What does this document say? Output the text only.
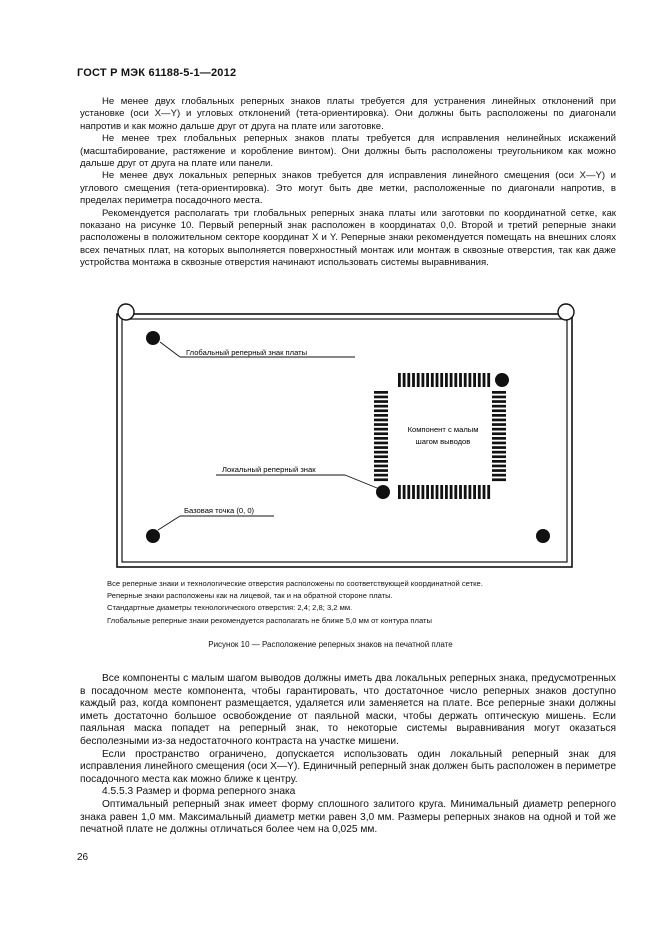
ГОСТ Р МЭК 61188-5-1—2012

Не менее двух глобальных реперных знаков платы требуется для устранения линейных отклонений при установке (оси X—Y) и угловых отклонений (тета-ориентировка). Они должны быть расположены по диагонали напротив и как можно дальше друг от друга на плате или заготовке.

Не менее трех глобальных реперных знаков платы требуется для исправления нелинейных искажений (масштабирование, растяжение и коробление винтом). Они должны быть расположены треугольником как можно дальше друг от друга на плате или панели.

Не менее двух локальных реперных знаков требуется для исправления линейного смещения (оси X—Y) и углового смещения (тета-ориентировка). Это могут быть две метки, расположенные по диагонали напротив, в пределах периметра посадочного места.

Рекомендуется располагать три глобальных реперных знака платы или заготовки по координатной сетке, как показано на рисунке 10. Первый реперный знак расположен в координатах 0,0. Второй и третий реперные знаки расположены в положительном секторе координат X и Y. Реперные знаки рекомендуется помещать на внешних слоях всех печатных плат, на которых выполняется поверхностный монтаж или монтаж в сквозные отверстия, так как даже устройства монтажа в сквозные отверстия начинают использовать системы выравнивания.

Глобальный реперный знак платы
Компонент с малым
шагом выводов
Локальный реперный знак
Базовая точка (0, 0)
Все реперные знаки и технологические отверстия расположены по соответствующей координатной сетке.
Реперные знаки расположены как на лицевой, так и на обратной стороне платы.
Стандартные диаметры технологического отверстия: 2,4; 2,8; 3,2 мм.
Глобальные реперные знаки рекомендуется располагать не ближе 5,0 мм от контура платы
Рисунок 10 — Расположение реперных знаков на печатной плате

Все компоненты с малым шагом выводов должны иметь два локальных реперных знака, предусмотренных в посадочном месте компонента, чтобы гарантировать, что достаточное число реперных знаков доступно каждый раз, когда компонент размещается, удаляется или заменяется на плате. Все реперные знаки должны иметь достаточно большое освобождение от паяльной маски, чтобы держать оптическую мишень. Если паяльная маска попадет на реперный знак, то некоторые системы выравнивания могут оказаться бесполезными из-за недостаточного контраста на участке мишени.

Если пространство ограничено, допускается использовать один локальный реперный знак для исправления линейного смещения (оси X—Y). Единичный реперный знак должен быть расположен в периметре посадочного места как можно ближе к центру.

4.5.5.3 Размер и форма реперного знака

Оптимальный реперный знак имеет форму сплошного залитого круга. Минимальный диаметр реперного знака равен 1,0 мм. Максимальный диаметр метки равен 3,0 мм. Размеры реперных знаков на одной и той же печатной плате не должны отличаться более чем на 0,025 мм.

26
